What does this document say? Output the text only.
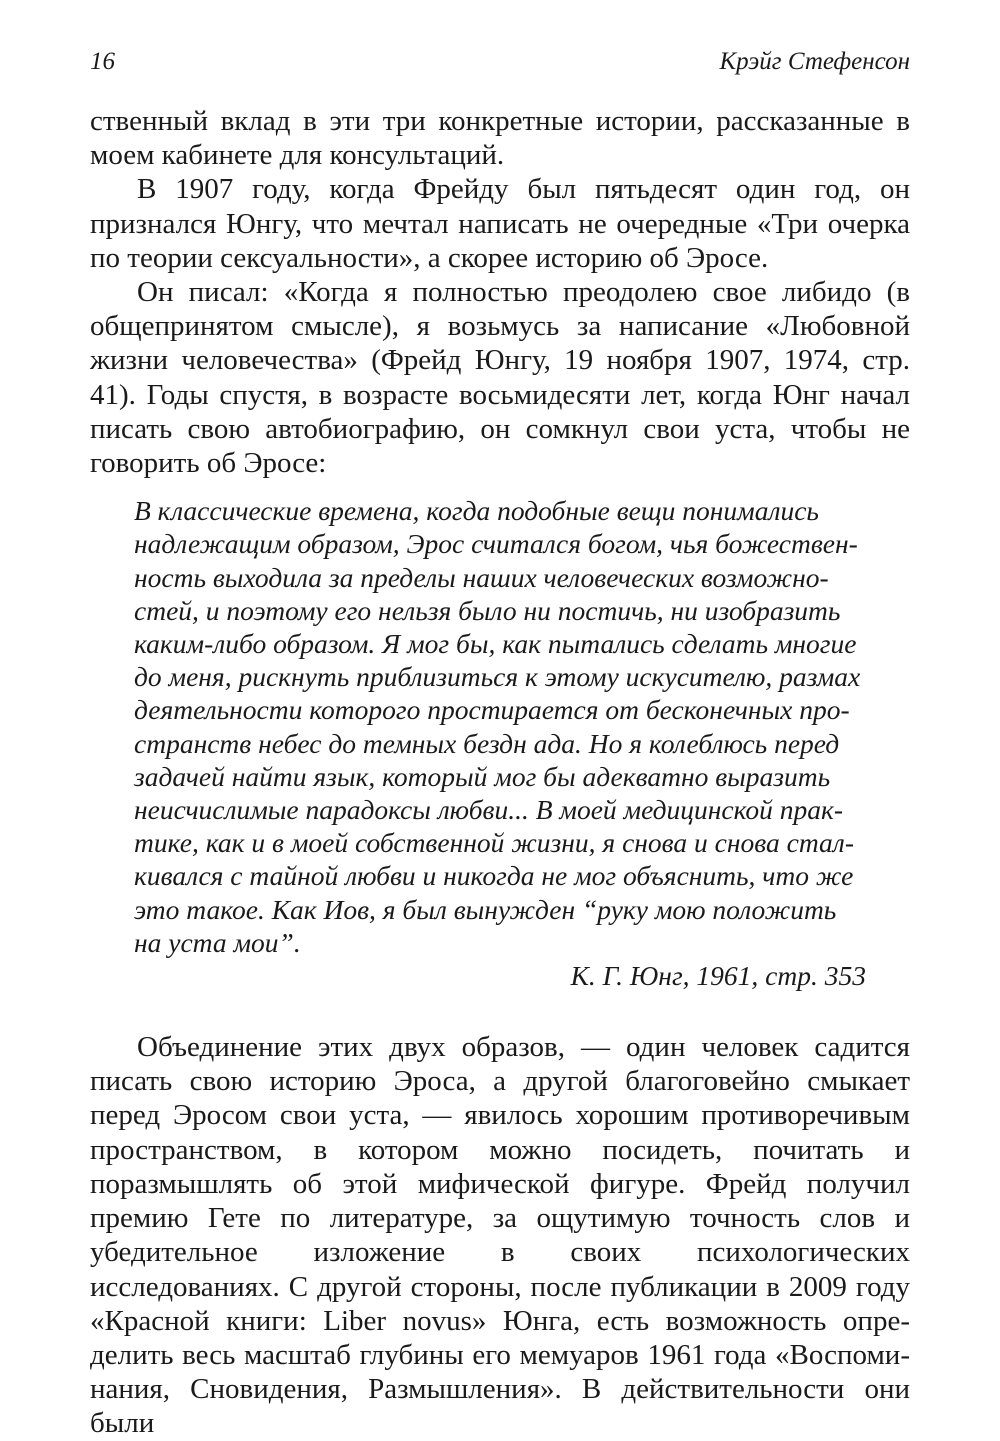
16	Крэйг Стефенсон

ственный вклад в эти три конкретные истории, рассказанные в моем кабинете для консультаций.

В 1907 году, когда Фрейду был пятьдесят один год, он признался Юнгу, что мечтал написать не очередные «Три очерка по теории сексуальности», а скорее историю об Эросе.

Он писал: «Когда я полностью преодолею свое либидо (в общепринятом смысле), я возьмусь за написание «Любовной жизни человечества» (Фрейд Юнгу, 19 ноября 1907, 1974, стр. 41). Годы спустя, в возрасте восьмидесяти лет, когда Юнг начал писать свою автобиографию, он сомкнул свои уста, чтобы не говорить об Эросе:

В классические времена, когда подобные вещи понимались надлежащим образом, Эрос считался богом, чья божественность выходила за пределы наших человеческих возможностей, и поэтому его нельзя было ни постичь, ни изобразить каким-либо образом. Я мог бы, как пытались сделать многие до меня, рискнуть приблизиться к этому искусителю, размах деятельности которого простирается от бесконечных пространств небес до темных бездн ада. Но я колеблюсь перед задачей найти язык, который мог бы адекватно выразить неисчислимые парадоксы любви... В моей медицинской практике, как и в моей собственной жизни, я снова и снова сталкивался с тайной любви и никогда не мог объяснить, что же это такое. Как Иов, я был вынужден “руку мою положить на уста мои”.

К. Г. Юнг, 1961, стр. 353

Объединение этих двух образов, — один человек садится писать свою историю Эроса, а другой благоговейно смыкает перед Эросом свои уста, — явилось хорошим противоречивым пространством, в котором можно посидеть, почитать и поразмышлять об этой мифической фигуре. Фрейд получил премию Гете по литературе, за ощутимую точность слов и убедительное изложение в своих психологических исследованиях. С другой стороны, после публикации в 2009 году «Красной книги: Liber novus» Юнга, есть возможность определить весь масштаб глубины его мемуаров 1961 года «Воспоминания, Сновидения, Размышления». В действительности они были
